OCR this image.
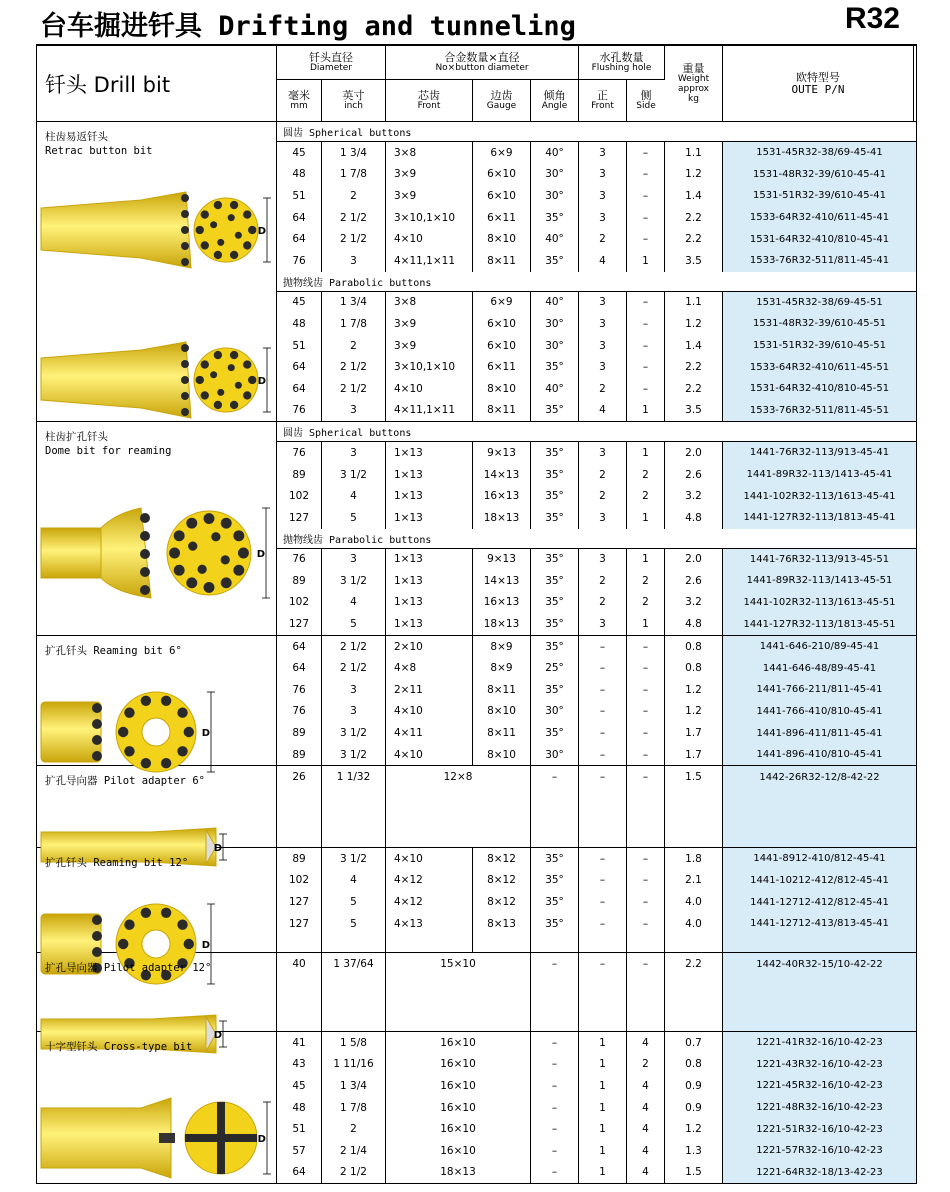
台车掘进钎具 Drifting and tunneling	R32
钎头 Drill bit
钎头直径
Diameter
合金数量×直径
No×button diameter
水孔数量
Flushing hole	重量
Weight
approx
kg
欧特型号
OUTE P/N
毫米
mm
英寸
inch
芯齿
Front
边齿
Gauge
倾角
Angle
正
Front
侧
Side
柱齿易返钎头
Retrac button bit
D
D
圆齿 Spherical buttons
45	1 3/4	3×8	6×9	40°	3	–	1.1	1531-45R32-38/69-45-41
48	1 7/8	3×9	6×10	30°	3	–	1.2	1531-48R32-39/610-45-41
51	2	3×9	6×10	30°	3	–	1.4	1531-51R32-39/610-45-41
64	2 1/2	3×10,1×10	6×11	35°	3	–	2.2	1533-64R32-410/611-45-41
64	2 1/2	4×10	8×10	40°	2	–	2.2	1531-64R32-410/810-45-41
76	3	4×11,1×11	8×11	35°	4	1	3.5	1533-76R32-511/811-45-41
抛物线齿 Parabolic buttons
45	1 3/4	3×8	6×9	40°	3	–	1.1	1531-45R32-38/69-45-51
48	1 7/8	3×9	6×10	30°	3	–	1.2	1531-48R32-39/610-45-51
51	2	3×9	6×10	30°	3	–	1.4	1531-51R32-39/610-45-51
64	2 1/2	3×10,1×10	6×11	35°	3	–	2.2	1533-64R32-410/611-45-51
64	2 1/2	4×10	8×10	40°	2	–	2.2	1531-64R32-410/810-45-51
76	3	4×11,1×11	8×11	35°	4	1	3.5	1533-76R32-511/811-45-51
柱齿扩孔钎头
Dome bit for reaming
D
圆齿 Spherical buttons
76	3	1×13	9×13	35°	3	1	2.0	1441-76R32-113/913-45-41
89	3 1/2	1×13	14×13	35°	2	2	2.6	1441-89R32-113/1413-45-41
102	4	1×13	16×13	35°	2	2	3.2	1441-102R32-113/1613-45-41
127	5	1×13	18×13	35°	3	1	4.8	1441-127R32-113/1813-45-41
抛物线齿 Parabolic buttons
76	3	1×13	9×13	35°	3	1	2.0	1441-76R32-113/913-45-51
89	3 1/2	1×13	14×13	35°	2	2	2.6	1441-89R32-113/1413-45-51
102	4	1×13	16×13	35°	2	2	3.2	1441-102R32-113/1613-45-51
127	5	1×13	18×13	35°	3	1	4.8	1441-127R32-113/1813-45-51
扩孔钎头 Reaming bit 6°
D
64	2 1/2	2×10	8×9	35°	–	–	0.8	1441-646-210/89-45-41
64	2 1/2	4×8	8×9	25°	–	–	0.8	1441-646-48/89-45-41
76	3	2×11	8×11	35°	–	–	1.2	1441-766-211/811-45-41
76	3	4×10	8×10	30°	–	–	1.2	1441-766-410/810-45-41
89	3 1/2	4×11	8×11	35°	–	–	1.7	1441-896-411/811-45-41
89	3 1/2	4×10	8×10	30°	–	–	1.7	1441-896-410/810-45-41
扩孔导向器 Pilot adapter 6°
D
26	1 1/32	12×8	–	–	–	1.5	1442-26R32-12/8-42-22
扩孔钎头 Reaming bit 12°
D
89	3 1/2	4×10	8×12	35°	–	–	1.8	1441-8912-410/812-45-41
102	4	4×12	8×12	35°	–	–	2.1	1441-10212-412/812-45-41
127	5	4×12	8×12	35°	–	–	4.0	1441-12712-412/812-45-41
127	5	4×13	8×13	35°	–	–	4.0	1441-12712-413/813-45-41
扩孔导向器 Pilot adapter 12°
D
40	1 37/64	15×10	–	–	–	2.2	1442-40R32-15/10-42-22
十字型钎头 Cross-type bit
D
41	1 5/8	16×10	–	1	4	0.7	1221-41R32-16/10-42-23
43	1 11/16	16×10	–	1	2	0.8	1221-43R32-16/10-42-23
45	1 3/4	16×10	–	1	4	0.9	1221-45R32-16/10-42-23
48	1 7/8	16×10	–	1	4	0.9	1221-48R32-16/10-42-23
51	2	16×10	–	1	4	1.2	1221-51R32-16/10-42-23
57	2 1/4	16×10	–	1	4	1.3	1221-57R32-16/10-42-23
64	2 1/2	18×13	–	1	4	1.5	1221-64R32-18/13-42-23
